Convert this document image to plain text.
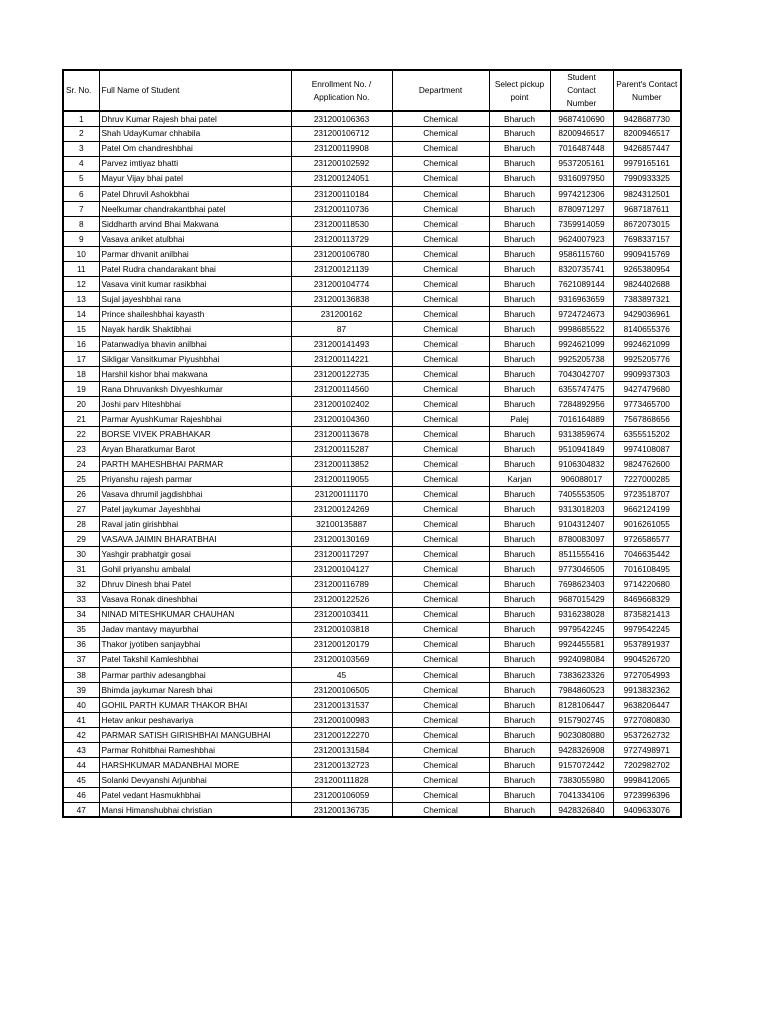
Sr. No.	Full Name of Student	Enrollment No. / Application No.	Department	Select pickup point	Student Contact Number	Parent's Contact Number
1	Dhruv Kumar Rajesh bhai patel	231200106363	Chemical	Bharuch	9687410690	9428687730
2	Shah UdayKumar chhabila	231200106712	Chemical	Bharuch	8200946517	8200946517
3	Patel Om chandreshbhai	231200119908	Chemical	Bharuch	7016487448	9426857447
4	Parvez imtiyaz bhatti	231200102592	Chemical	Bharuch	9537205161	9979165161
5	Mayur Vijay bhai patel	231200124051	Chemical	Bharuch	9316097950	7990933325
6	Patel Dhruvil Ashokbhai	231200110184	Chemical	Bharuch	9974212306	9824312501
7	Neelkumar chandrakantbhai patel	231200110736	Chemical	Bharuch	8780971297	9687187611
8	Siddharth arvind Bhai Makwana	231200118530	Chemical	Bharuch	7359914059	8672073015
9	Vasava aniket atulbhai	231200113729	Chemical	Bharuch	9624007923	7698337157
10	Parmar dhvanit anilbhai	231200106780	Chemical	Bharuch	9586115760	9909415769
11	Patel Rudra chandarakant bhai	231200121139	Chemical	Bharuch	8320735741	9265380954
12	Vasava vinit kumar rasikbhai	231200104774	Chemical	Bharuch	7621089144	9824402688
13	Sujal jayeshbhai rana	231200136838	Chemical	Bharuch	9316963659	7383897321
14	Prince shaileshbhai kayasth	231200162	Chemical	Bharuch	9724724673	9429036961
15	Nayak hardik Shaktibhai	87	Chemical	Bharuch	9998685522	8140655376
16	Patanwadiya bhavin anilbhai	231200141493	Chemical	Bharuch	9924621099	9924621099
17	Sikligar Vansitkumar Piyushbhai	231200114221	Chemical	Bharuch	9925205738	9925205776
18	Harshil kishor bhai makwana	231200122735	Chemical	Bharuch	7043042707	9909937303
19	Rana Dhruvanksh Divyeshkumar	231200114560	Chemical	Bharuch	6355747475	9427479680
20	Joshi parv Hiteshbhai	231200102402	Chemical	Bharuch	7284892956	9773465700
21	Parmar AyushKumar Rajeshbhai	231200104360	Chemical	Palej	7016164889	7567868656
22	BORSE VIVEK PRABHAKAR	231200113678	Chemical	Bharuch	9313859674	6355515202
23	Aryan Bharatkumar Barot	231200115287	Chemical	Bharuch	9510941849	9974108087
24	PARTH MAHESHBHAI PARMAR	231200113852	Chemical	Bharuch	9106304832	9824762600
25	Priyanshu rajesh parmar	231200119055	Chemical	Karjan	906088017	7227000285
26	Vasava dhrumil jagdishbhai	231200111170	Chemical	Bharuch	7405553505	9723518707
27	Patel jaykumar Jayeshbhai	231200124269	Chemical	Bharuch	9313018203	9662124199
28	Raval jatin girishbhai	32100135887	Chemical	Bharuch	9104312407	9016261055
29	VASAVA JAIMIN BHARATBHAI	231200130169	Chemical	Bharuch	8780083097	9726586577
30	Yashgir prabhatgir gosai	231200117297	Chemical	Bharuch	8511555416	7046635442
31	Gohil priyanshu ambalal	231200104127	Chemical	Bharuch	9773046505	7016108495
32	Dhruv Dinesh bhai Patel	231200116789	Chemical	Bharuch	7698623403	9714220680
33	Vasava Ronak dineshbhai	231200122526	Chemical	Bharuch	9687015429	8469668329
34	NINAD MITESHKUMAR CHAUHAN	231200103411	Chemical	Bharuch	9316238028	8735821413
35	Jadav mantavy mayurbhai	231200103818	Chemical	Bharuch	9979542245	9979542245
36	Thakor jyotiben sanjaybhai	231200120179	Chemical	Bharuch	9924455581	9537891937
37	Patel Takshil Kamleshbhai	231200103569	Chemical	Bharuch	9924098084	9904526720
38	Parmar parthiv adesangbhai	45	Chemical	Bharuch	7383623326	9727054993
39	Bhimda jaykumar Naresh bhai	231200106505	Chemical	Bharuch	7984860523	9913832362
40	GOHIL PARTH KUMAR THAKOR BHAI	231200131537	Chemical	Bharuch	8128106447	9638206447
41	Hetav ankur peshavariya	231200100983	Chemical	Bharuch	9157902745	9727080830
42	PARMAR SATISH GIRISHBHAI MANGUBHAI	231200122270	Chemical	Bharuch	9023080880	9537262732
43	Parmar Rohitbhai Rameshbhai	231200131584	Chemical	Bharuch	9428326908	9727498971
44	HARSHKUMAR MADANBHAI MORE	231200132723	Chemical	Bharuch	9157072442	7202982702
45	Solanki Devyanshi Arjunbhai	231200111828	Chemical	Bharuch	7383055980	9998412065
46	Patel vedant Hasmukhbhai	231200106059	Chemical	Bharuch	7041334106	9723996396
47	Mansi Himanshubhai christian	231200136735	Chemical	Bharuch	9428326840	9409633076
